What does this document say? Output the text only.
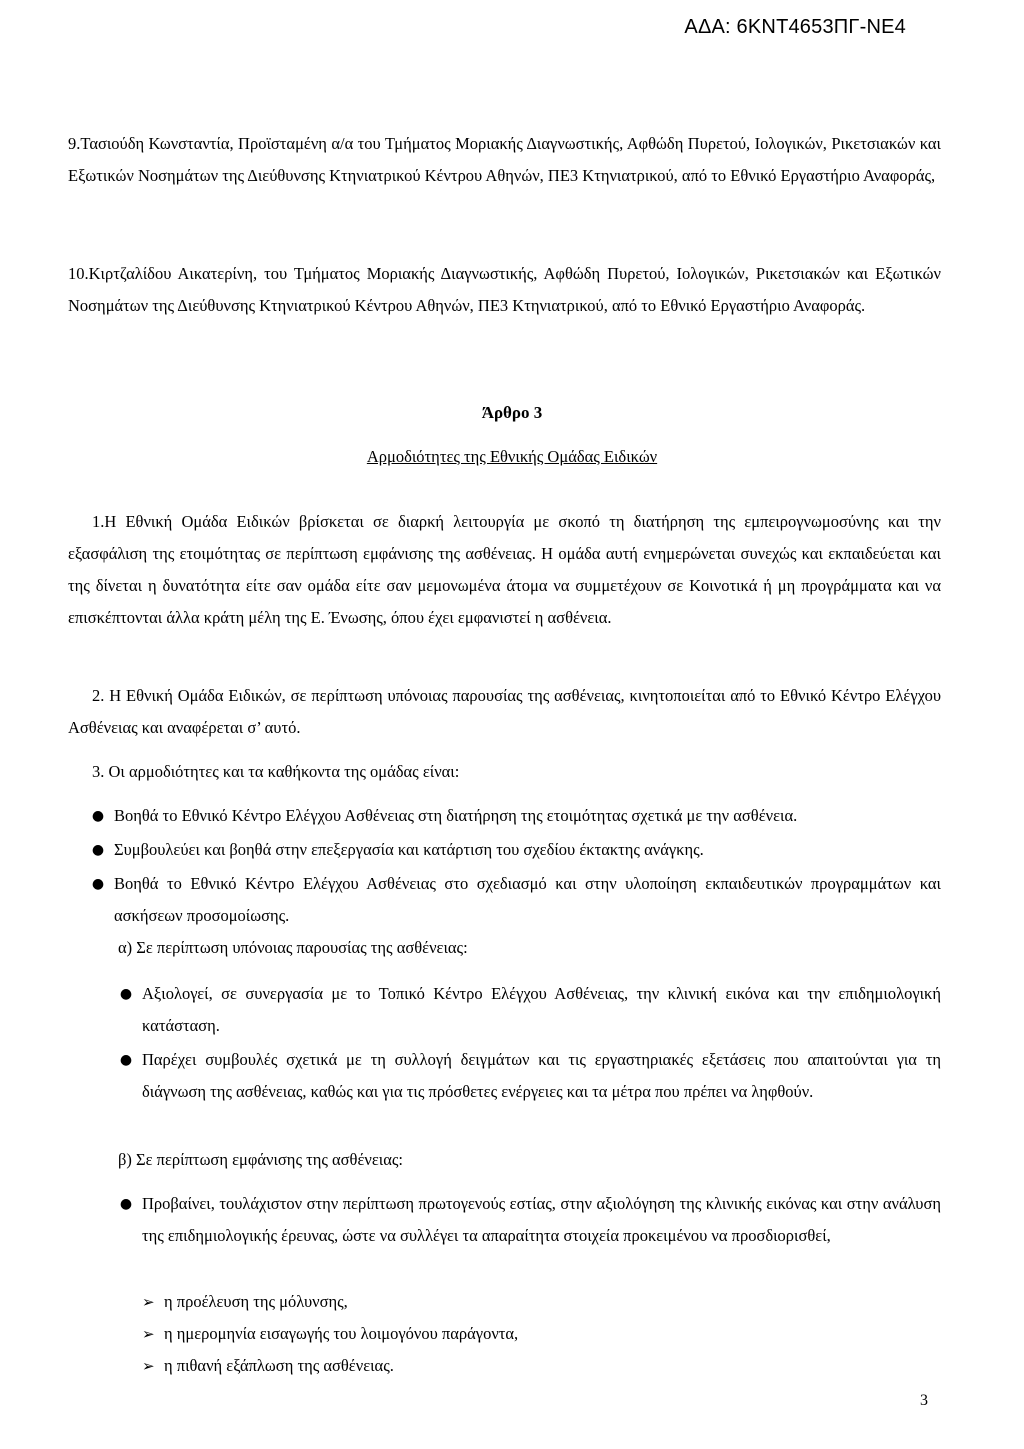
ΑΔΑ: 6ΚΝΤ4653ΠΓ-ΝΕ4

9.Τασιούδη Κωνσταντία, Προϊσταμένη α/α του Τμήματος Μοριακής Διαγνωστικής, Αφθώδη Πυρετού, Ιολογικών, Ρικετσιακών και Εξωτικών Νοσημάτων της Διεύθυνσης Κτηνιατρικού Κέντρου Αθηνών, ΠΕ3 Κτηνιατρικού, από το Εθνικό Εργαστήριο Αναφοράς,

10.Κιρτζαλίδου Αικατερίνη, του Τμήματος Μοριακής Διαγνωστικής, Αφθώδη Πυρετού, Ιολογικών, Ρικετσιακών και Εξωτικών Νοσημάτων της Διεύθυνσης Κτηνιατρικού Κέντρου Αθηνών, ΠΕ3 Κτηνιατρικού, από το Εθνικό Εργαστήριο Αναφοράς.

Άρθρο 3

Αρμοδιότητες της Εθνικής Ομάδας Ειδικών

1.Η Εθνική Ομάδα Ειδικών βρίσκεται σε διαρκή λειτουργία με σκοπό τη διατήρηση της εμπειρογνωμοσύνης και την εξασφάλιση της ετοιμότητας σε περίπτωση εμφάνισης της ασθένειας. Η ομάδα αυτή ενημερώνεται συνεχώς και εκπαιδεύεται και της δίνεται η δυνατότητα είτε σαν ομάδα είτε σαν μεμονωμένα άτομα να συμμετέχουν σε Κοινοτικά ή μη προγράμματα και να επισκέπτονται άλλα κράτη μέλη της Ε. Ένωσης, όπου έχει εμφανιστεί η ασθένεια.

2. Η Εθνική Ομάδα Ειδικών, σε περίπτωση υπόνοιας παρουσίας της ασθένειας, κινητοποιείται από το Εθνικό Κέντρο Ελέγχου Ασθένειας και αναφέρεται σ’ αυτό.

3. Οι αρμοδιότητες και τα καθήκοντα της ομάδας είναι:

● Βοηθά το Εθνικό Κέντρο Ελέγχου Ασθένειας στη διατήρηση της ετοιμότητας σχετικά με την ασθένεια.
● Συμβουλεύει και βοηθά στην επεξεργασία και κατάρτιση του σχεδίου έκτακτης ανάγκης.
● Βοηθά το Εθνικό Κέντρο Ελέγχου Ασθένειας στο σχεδιασμό και στην υλοποίηση εκπαιδευτικών προγραμμάτων και ασκήσεων προσομοίωσης.

α) Σε περίπτωση υπόνοιας παρουσίας της ασθένειας:

● Αξιολογεί, σε συνεργασία με το Τοπικό Κέντρο Ελέγχου Ασθένειας, την κλινική εικόνα και την επιδημιολογική κατάσταση.
● Παρέχει συμβουλές σχετικά με τη συλλογή δειγμάτων και τις εργαστηριακές εξετάσεις που απαιτούνται για τη διάγνωση της ασθένειας, καθώς και για τις πρόσθετες ενέργειες και τα μέτρα που πρέπει να ληφθούν.

β) Σε περίπτωση εμφάνισης της ασθένειας:

● Προβαίνει, τουλάχιστον στην περίπτωση πρωτογενούς εστίας, στην αξιολόγηση της κλινικής εικόνας και στην ανάλυση της επιδημιολογικής έρευνας, ώστε να συλλέγει τα απαραίτητα στοιχεία προκειμένου να προσδιορισθεί,
➢ η προέλευση της μόλυνσης,
➢ η ημερομηνία εισαγωγής του λοιμογόνου παράγοντα,
➢ η πιθανή εξάπλωση της ασθένειας.
3
